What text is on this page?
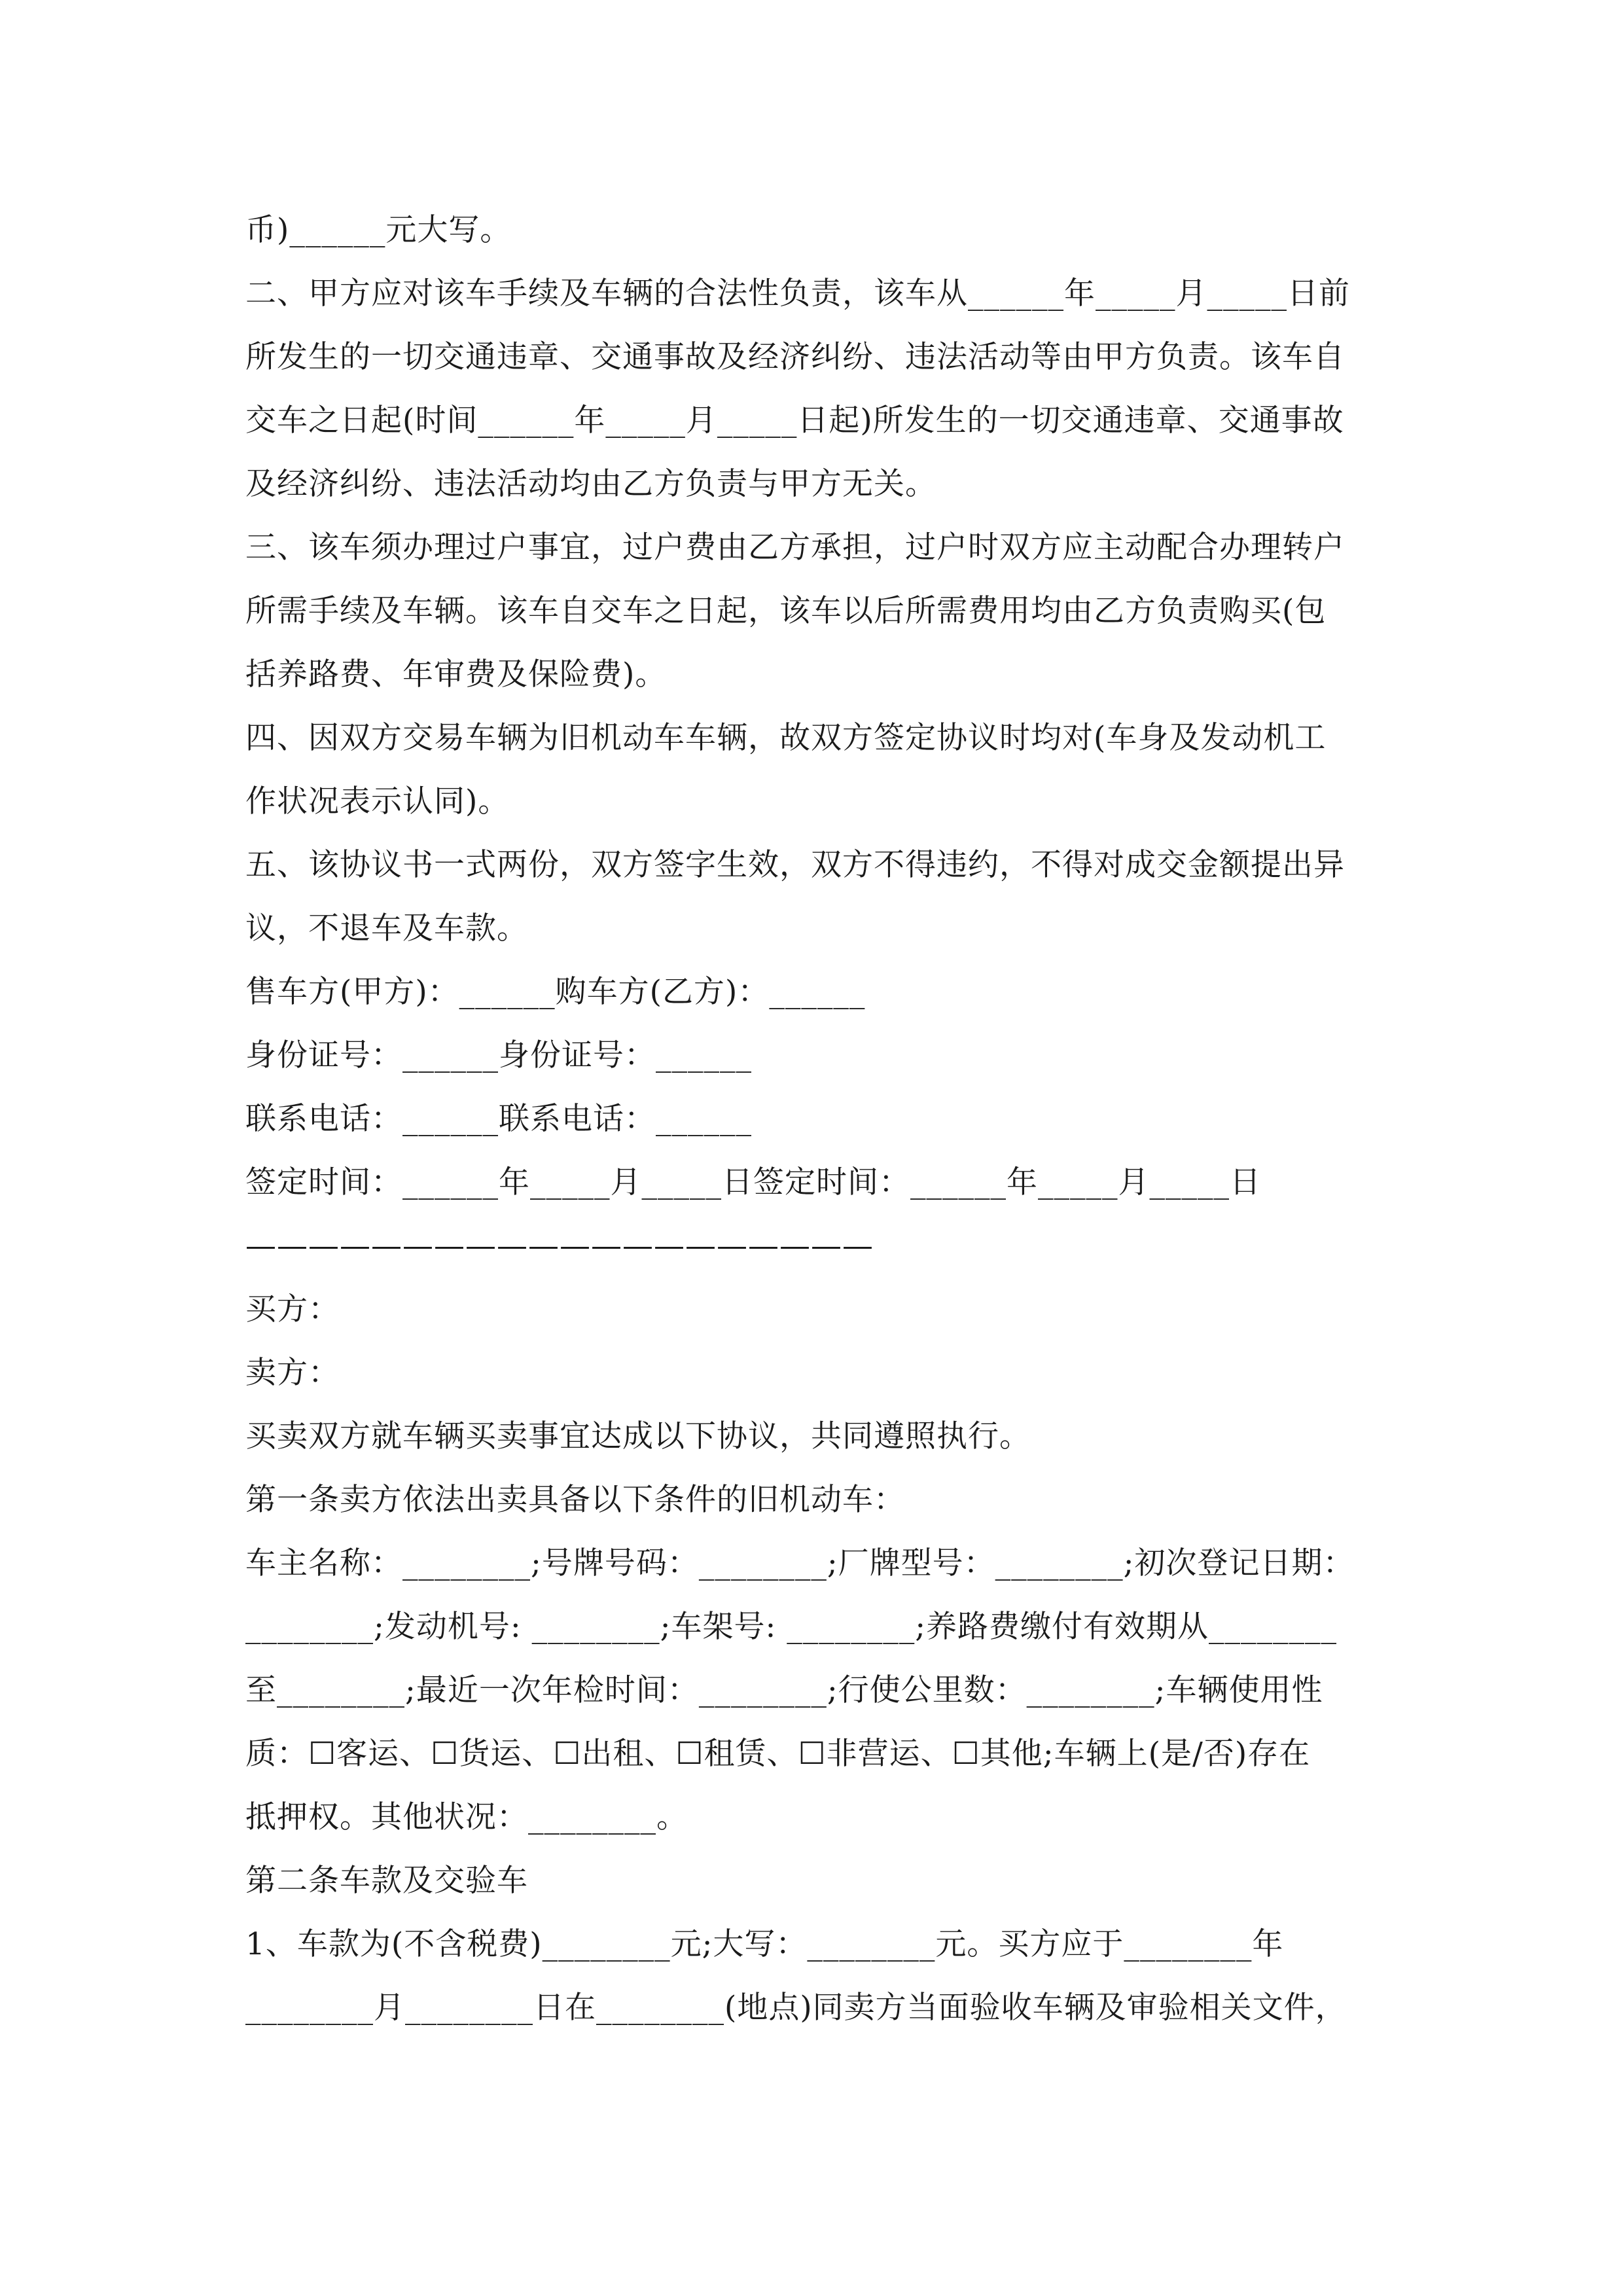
币)______元大写。
二、甲方应对该车手续及车辆的合法性负责，该车从______年_____月_____日前
所发生的一切交通违章、交通事故及经济纠纷、违法活动等由甲方负责。该车自
交车之日起(时间______年_____月_____日起)所发生的一切交通违章、交通事故
及经济纠纷、违法活动均由乙方负责与甲方无关。
三、该车须办理过户事宜，过户费由乙方承担，过户时双方应主动配合办理转户
所需手续及车辆。该车自交车之日起，该车以后所需费用均由乙方负责购买(包
括养路费、年审费及保险费)。
四、因双方交易车辆为旧机动车车辆，故双方签定协议时均对(车身及发动机工
作状况表示认同)。
五、该协议书一式两份，双方签字生效，双方不得违约，不得对成交金额提出异
议，不退车及车款。
售车方(甲方)：______购车方(乙方)：______
身份证号：______身份证号：______
联系电话：______联系电话：______
签定时间：______年_____月_____日签定时间：______年_____月_____日
————————————————————
买方：
卖方：
买卖双方就车辆买卖事宜达成以下协议，共同遵照执行。
第一条卖方依法出卖具备以下条件的旧机动车：
车主名称：________;号牌号码：________;厂牌型号：________;初次登记日期：
________;发动机号: ________;车架号: ________;养路费缴付有效期从________
至________;最近一次年检时间：________;行使公里数：________;车辆使用性
质：☐客运、☐货运、☐出租、☐租赁、☐非营运、☐其他;车辆上(是/否)存在
抵押权。其他状况：________。
第二条车款及交验车
1、车款为(不含税费)________元;大写：________元。买方应于________年
________月________日在________(地点)同卖方当面验收车辆及审验相关文件，
